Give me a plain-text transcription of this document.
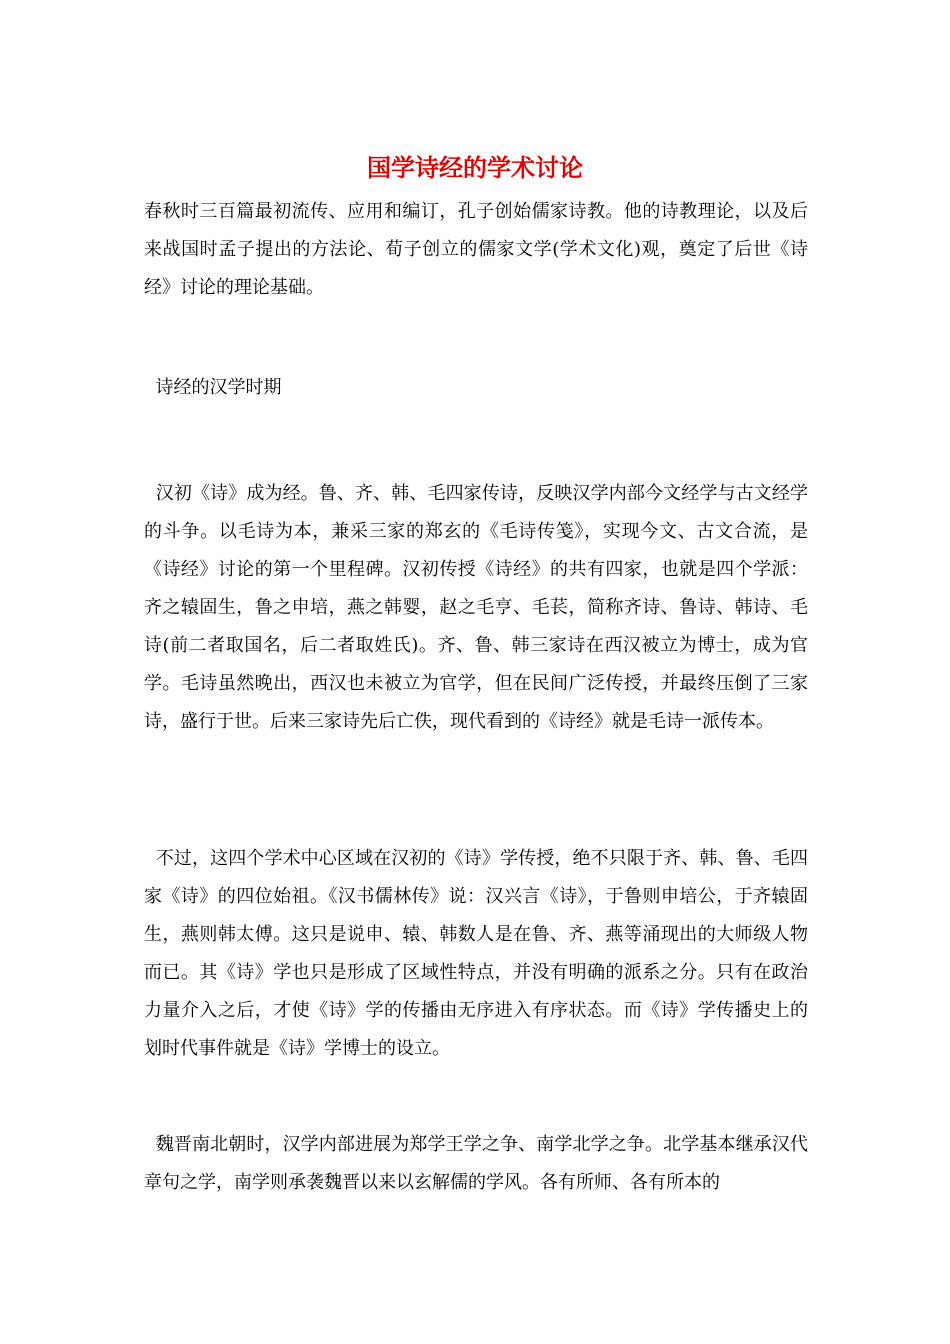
国学诗经的学术讨论

春秋时三百篇最初流传、应用和编订，孔子创始儒家诗教。他的诗教理论，以及后来战国时孟子提出的方法论、荀子创立的儒家文学(学术文化)观，奠定了后世《诗经》讨论的理论基础。

诗经的汉学时期

汉初《诗》成为经。鲁、齐、韩、毛四家传诗，反映汉学内部今文经学与古文经学的斗争。以毛诗为本，兼采三家的郑玄的《毛诗传笺》，实现今文、古文合流，是《诗经》讨论的第一个里程碑。汉初传授《诗经》的共有四家，也就是四个学派：齐之辕固生，鲁之申培，燕之韩婴，赵之毛亨、毛苌，简称齐诗、鲁诗、韩诗、毛诗(前二者取国名，后二者取姓氏)。齐、鲁、韩三家诗在西汉被立为博士，成为官学。毛诗虽然晚出，西汉也未被立为官学，但在民间广泛传授，并最终压倒了三家诗，盛行于世。后来三家诗先后亡佚，现代看到的《诗经》就是毛诗一派传本。

不过，这四个学术中心区域在汉初的《诗》学传授，绝不只限于齐、韩、鲁、毛四家《诗》的四位始祖。《汉书儒林传》说：汉兴言《诗》，于鲁则申培公，于齐辕固生，燕则韩太傅。这只是说申、辕、韩数人是在鲁、齐、燕等涌现出的大师级人物而已。其《诗》学也只是形成了区域性特点，并没有明确的派系之分。只有在政治力量介入之后，才使《诗》学的传播由无序进入有序状态。而《诗》学传播史上的划时代事件就是《诗》学博士的设立。

魏晋南北朝时，汉学内部进展为郑学王学之争、南学北学之争。北学基本继承汉代章句之学，南学则承袭魏晋以来以玄解儒的学风。各有所师、各有所本的
